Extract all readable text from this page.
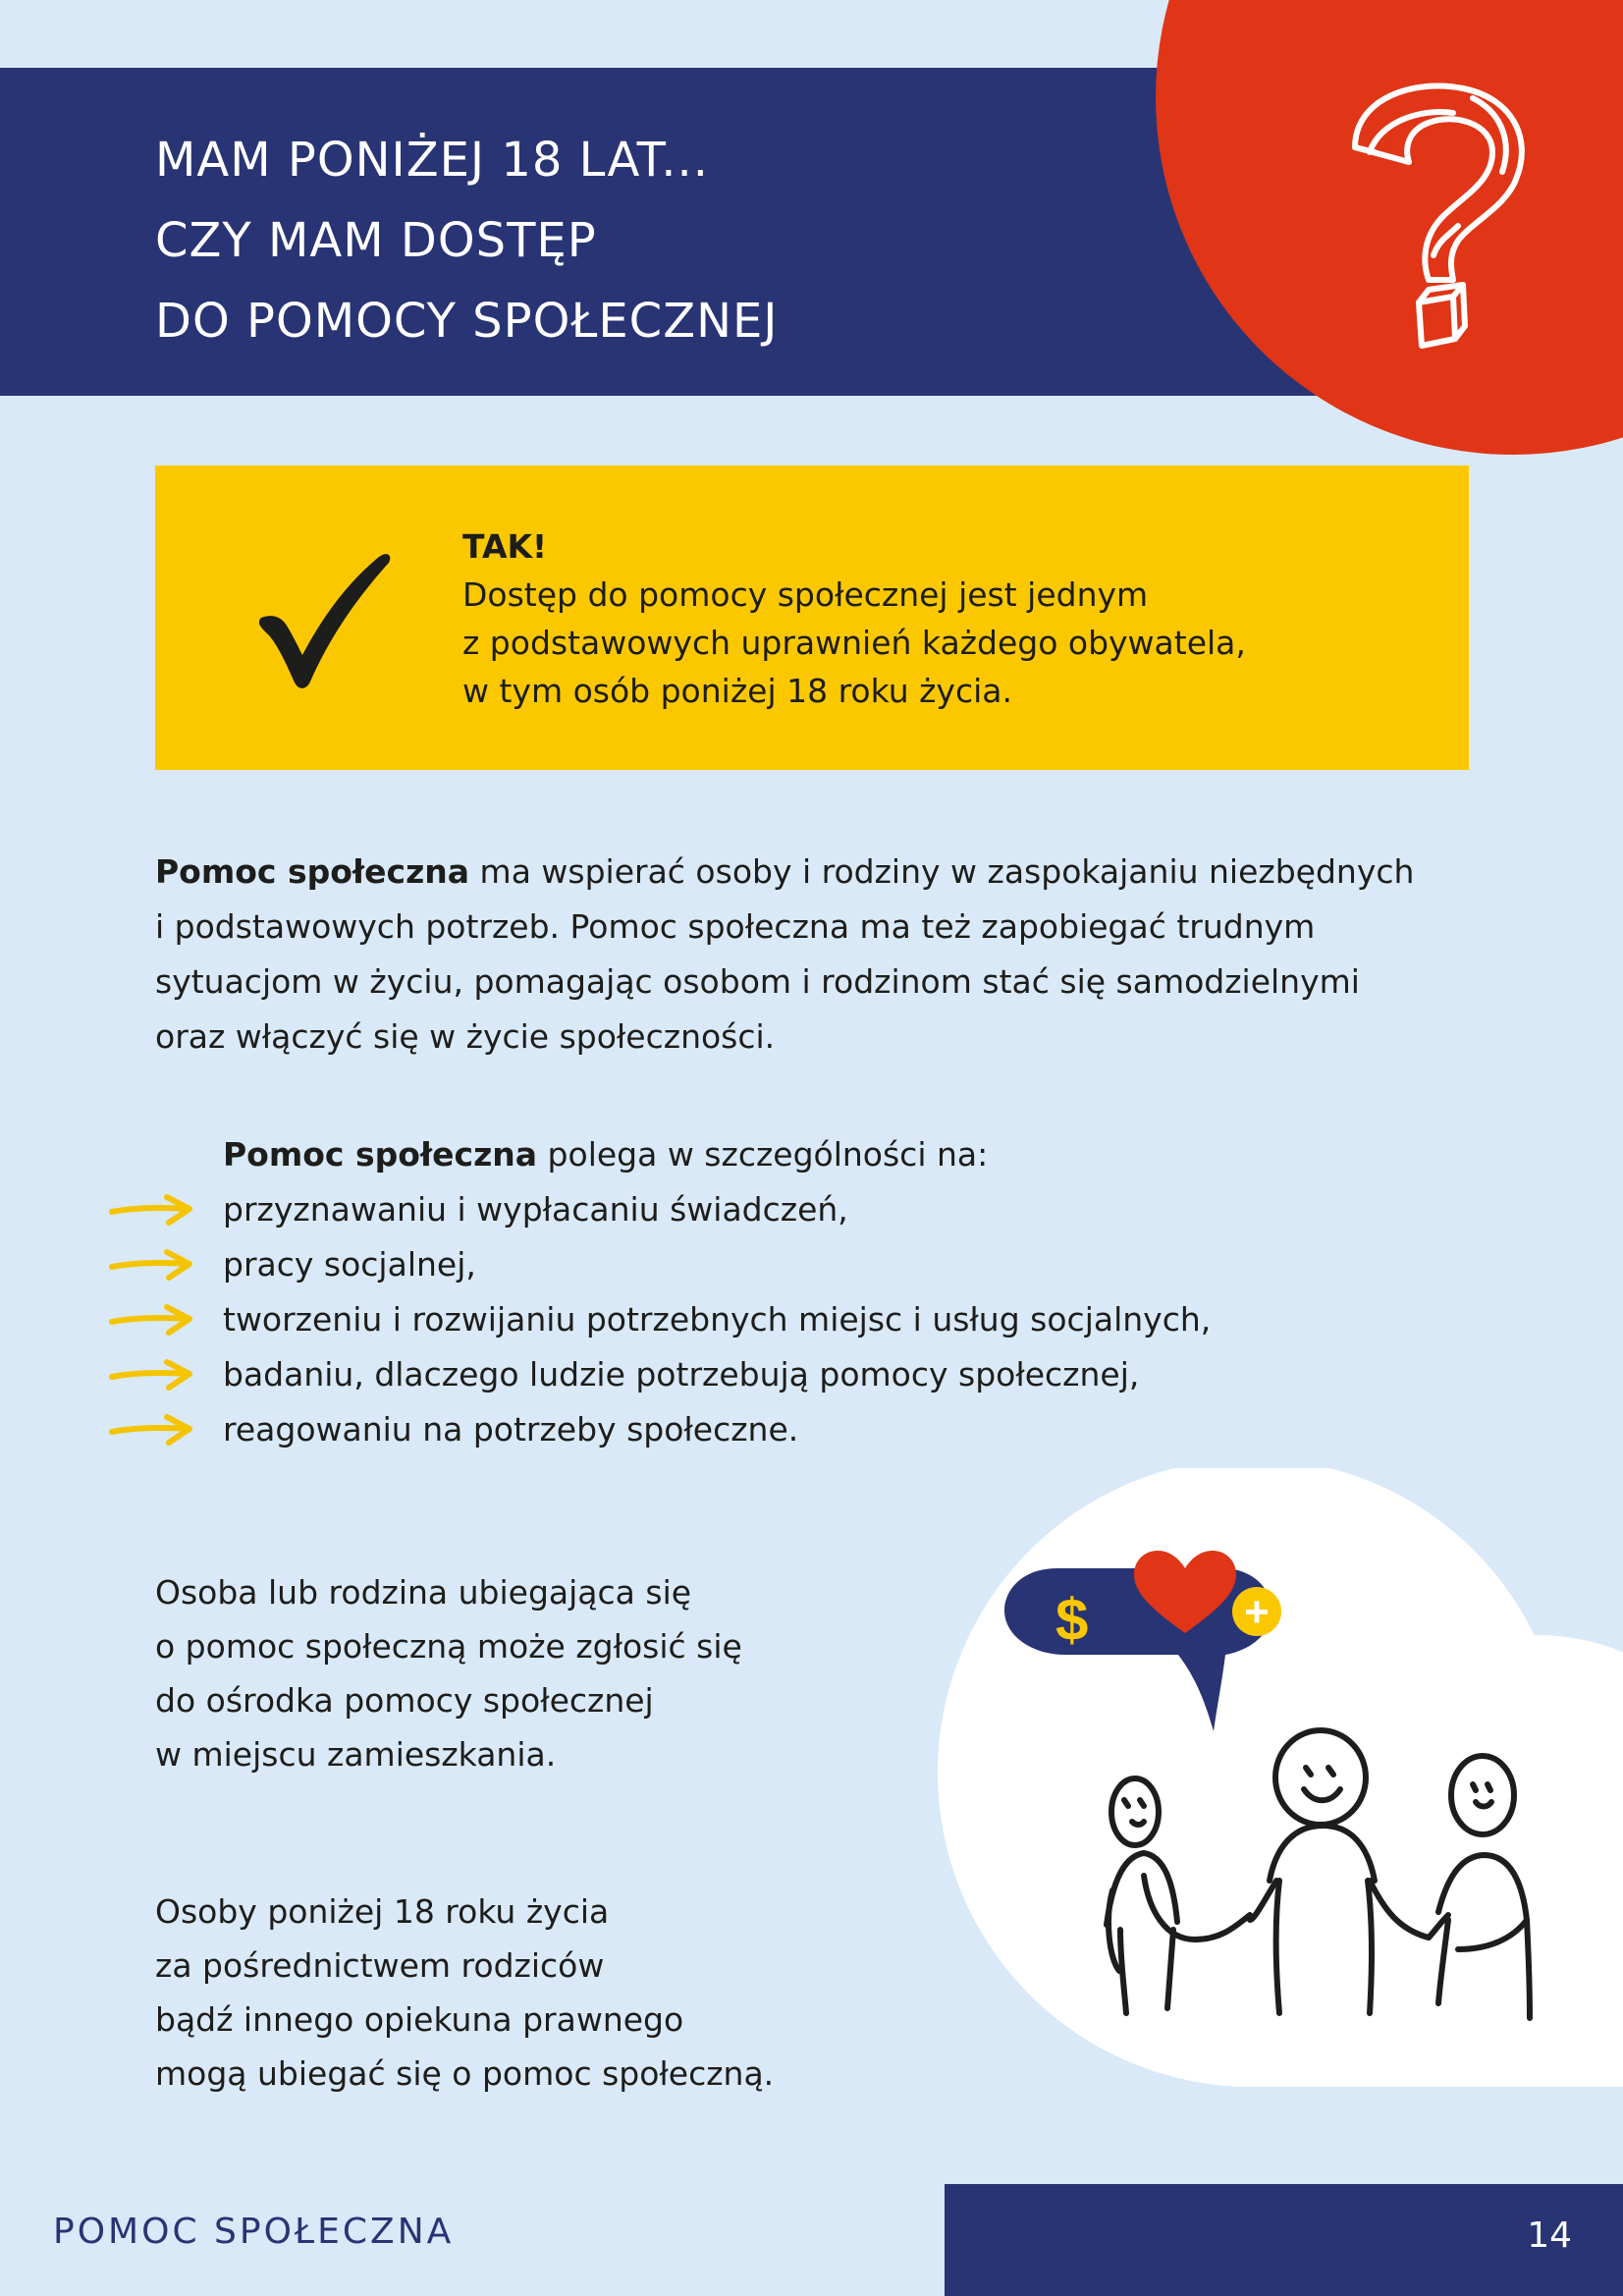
MAM PONIŻEJ 18 LAT...
CZY MAM DOSTĘP
DO POMOCY SPOŁECZNEJ
TAK!
Dostęp do pomocy społecznej jest jednym
z podstawowych uprawnień każdego obywatela,
w tym osób poniżej 18 roku życia.
Pomoc społeczna ma wspierać osoby i rodziny w zaspokajaniu niezbędnych
i podstawowych potrzeb. Pomoc społeczna ma też zapobiegać trudnym
sytuacjom w życiu, pomagając osobom i rodzinom stać się samodzielnymi
oraz włączyć się w życie społeczności.
Pomoc społeczna polega w szczególności na:
przyznawaniu i wypłacaniu świadczeń,
pracy socjalnej,
tworzeniu i rozwijaniu potrzebnych miejsc i usług socjalnych,
badaniu, dlaczego ludzie potrzebują pomocy społecznej,
reagowaniu na potrzeby społeczne.
Osoba lub rodzina ubiegająca się
o pomoc społeczną może zgłosić się
do ośrodka pomocy społecznej
w miejscu zamieszkania.
Osoby poniżej 18 roku życia
za pośrednictwem rodziców
bądź innego opiekuna prawnego
mogą ubiegać się o pomoc społeczną.
$	+
POMOC SPOŁECZNA	14
